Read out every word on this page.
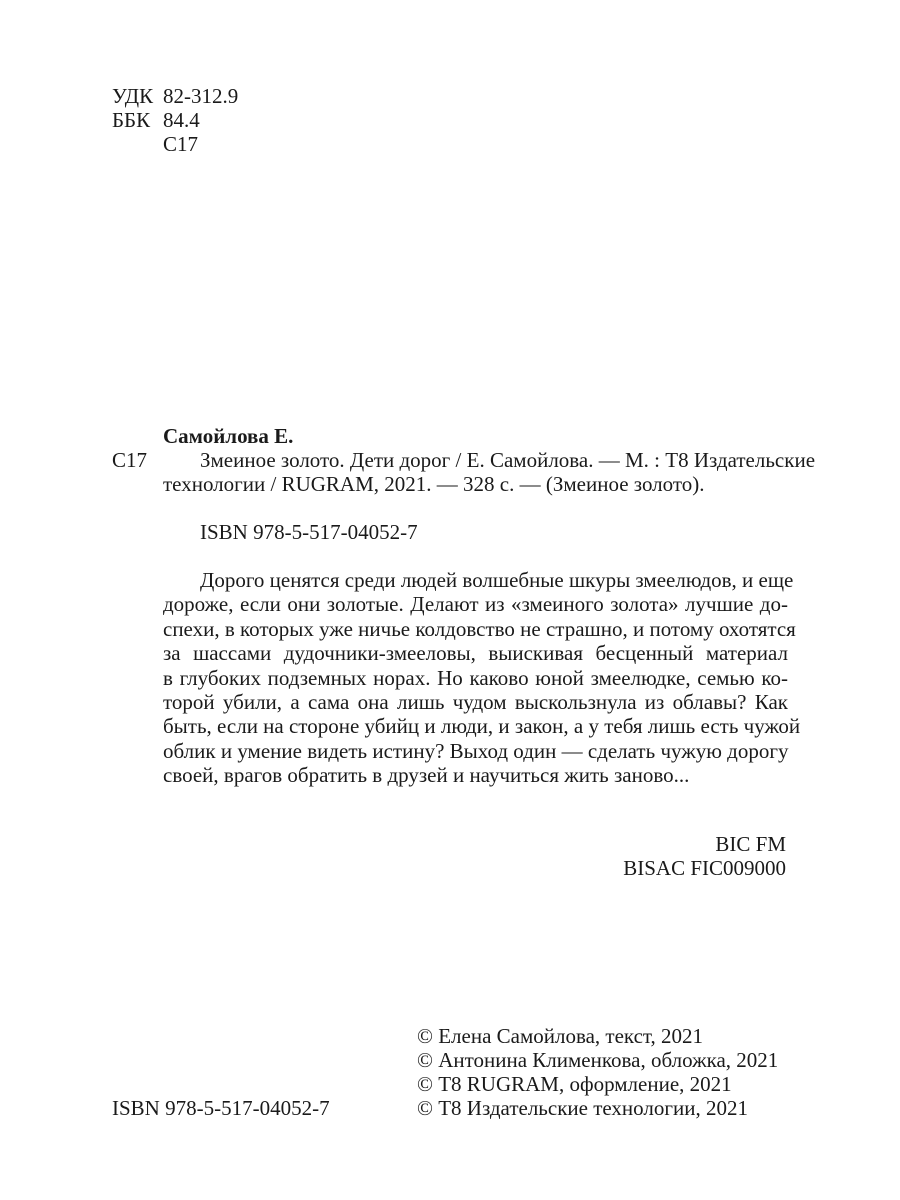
УДК 82-312.9
ББК 84.4
С17
Самойлова Е.
С17	Змеиное золото. Дети дорог / Е. Самойлова. — М. : Т8 Издательские
технологии / RUGRAM, 2021. — 328 с. — (Змеиное золото).
ISBN 978-5-517-04052-7
Дорого ценятся среди людей волшебные шкуры змеелюдов, и еще
дороже, если они золотые. Делают из «змеиного золота» лучшие до-
спехи, в которых уже ничье колдовство не страшно, и потому охотятся
за шассами дудочники-змееловы, выискивая бесценный материал
в глубоких подземных норах. Но каково юной змеелюдке, семью ко-
торой убили, а сама она лишь чудом выскользнула из облавы? Как
быть, если на стороне убийц и люди, и закон, а у тебя лишь есть чужой
облик и умение видеть истину? Выход один — сделать чужую дорогу
своей, врагов обратить в друзей и научиться жить заново...
BIC FM
BISAC FIC009000
ISBN 978-5-517-04052-7
© Елена Самойлова, текст, 2021
© Антонина Клименкова, обложка, 2021
© Т8 RUGRAM, оформление, 2021
© Т8 Издательские технологии, 2021
